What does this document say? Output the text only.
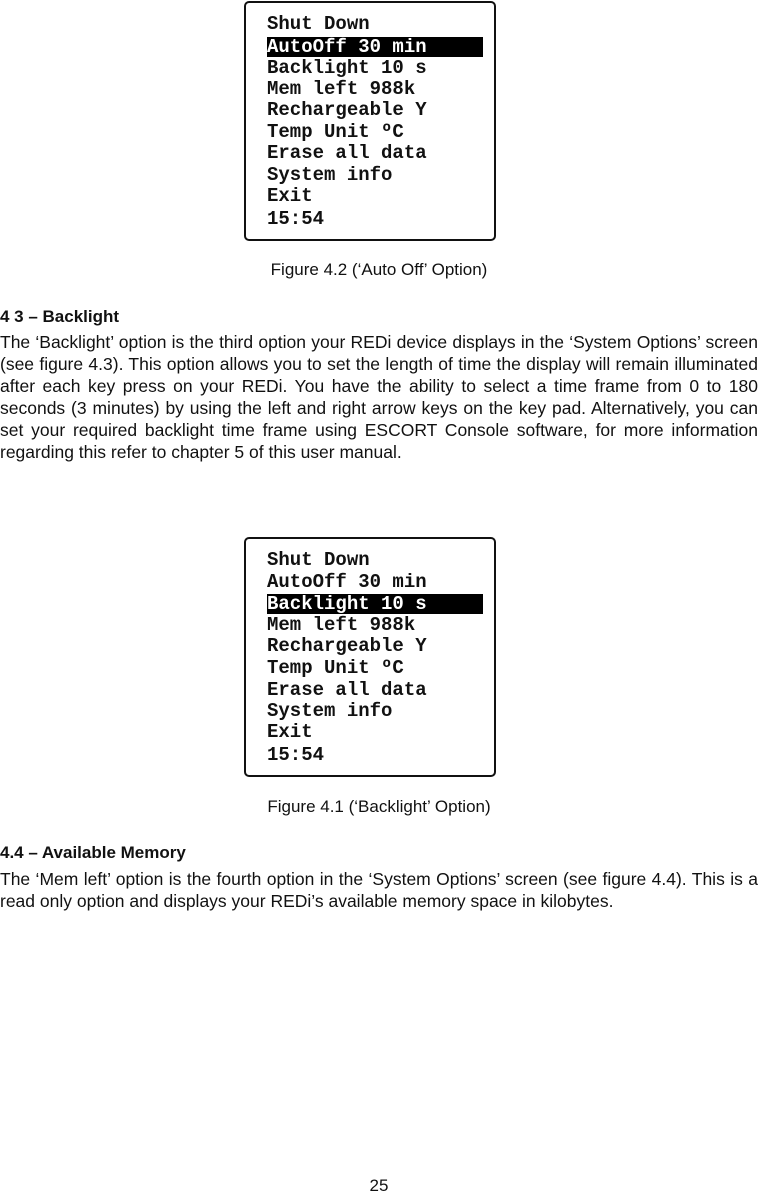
Shut Down
AutoOff 30 min
Backlight 10 s
Mem left 988k
Rechargeable Y
Temp Unit ºC
Erase all data
System info
Exit
15:54
Figure 4.2 (‘Auto Off’ Option)
4 3 – Backlight

The ‘Backlight’ option is the third option your REDi device displays in the ‘System Options’ screen (see figure 4.3). This option allows you to set the length of time the display will remain illuminated after each key press on your REDi. You have the ability to select a time frame from 0 to 180 seconds (3 minutes) by using the left and right arrow keys on the key pad. Alternatively, you can set your required backlight time frame using ESCORT Console software, for more information regarding this refer to chapter 5 of this user manual.

Shut Down
AutoOff 30 min
Backlight 10 s
Mem left 988k
Rechargeable Y
Temp Unit ºC
Erase all data
System info
Exit
15:54
Figure 4.1 (‘Backlight’ Option)
4.4 – Available Memory

The ‘Mem left’ option is the fourth option in the ‘System Options’ screen (see figure 4.4). This is a read only option and displays your REDi’s available memory space in kilobytes.

25
